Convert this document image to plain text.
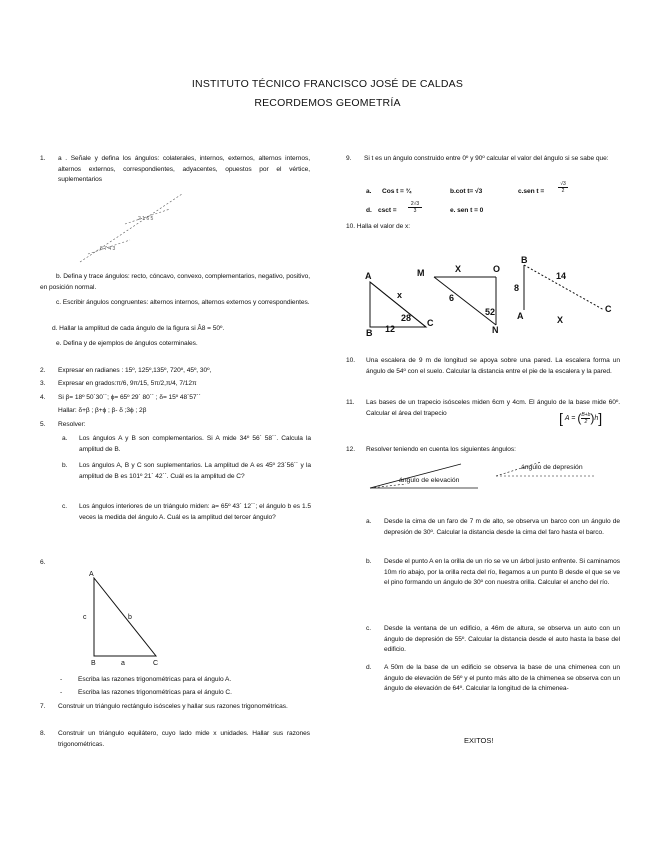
INSTITUTO TÉCNICO FRANCISCO JOSÉ DE CALDAS
RECORDEMOS GEOMETRÍA
1. a . Señale y defina los ángulos: colaterales, internos, externos, alternos internos, alternos externos, correspondientes, adyacentes, opuestos por el vértice, suplementarios
8 7 4 3
2 1 6 5
b. Defina y trace ángulos: recto, cóncavo, convexo, complementarios, negativo, positivo, en posición normal.
c. Escribir ángulos congruentes: alternos internos, alternos externos y correspondientes.
d. Hallar la amplitud de cada ángulo de la figura si Â8 = 50º.
e. Defina y de ejemplos de ángulos coterminales.
2. Expresar en radianes : 15º, 125º,135º, 720º, 45º, 30º,
3. Expresar en grados:π/6, 9π/15, 5π/2,π/4, 7/12π
4. Si β= 18º 50´30´´; ϕ= 65º 29´ 80´´ ; δ= 15º 48´57´´
Hallar: δ+β ; β+ϕ ; β- δ ;3ϕ ; 2β
5. Resolver:
a. Los ángulos A y B son complementarios. Si A mide 34º 56´ 58´´. Calcula la amplitud de B.
b. Los ángulos A, B y C son suplementarios. La amplitud de A es 45º 23´56´´ y la amplitud de B es 101º 21´ 42´´. Cuál es la amplitud de C?
c. Los ángulos interiores de un triángulo miden: a= 65º 43´ 12´´; el ángulo b es 1.5 veces la medida del ángulo A. Cuál es la amplitud del tercer ángulo?
6.
A
c	b
B	a	C
- Escriba las razones trigonométricas para el ángulo A.
- Escriba las razones trigonométricas para el ángulo C.
7. Construir un triángulo rectángulo isósceles y hallar sus razones trigonométricas.
8. Construir un triángulo equilátero, cuyo lado mide x unidades. Hallar sus razones trigonométricas.
9. Si t es un ángulo construido entre 0º y 90º calcular el valor del ángulo si se sabe que:
a. Cos t = ¾	b.cot t= √3	c.sen t =	$\frac{√3}{2}$
d. $\csc t = \frac{2√3}{3}$	e. sen t = 0
10. Halla el valor de x:
A
x
28 C
B 12
M	X	O
6
52
N
B
8
14
A	X
C
10. Una escalera de 9 m de longitud se apoya sobre una pared. La escalera forma un ángulo de 54º con el suelo. Calcular la distancia entre el pie de la escalera y la pared.
11. Las bases de un trapecio isósceles miden 6cm y 4cm. El ángulo de la base mide 60º. Calcular el área del trapecio	[ A = ( $\frac{B+b}{2}$ ) h ]
12. Resolver teniendo en cuenta los siguientes ángulos:
ángulo de elevación
ángulo de depresión
a. Desde la cima de un faro de 7 m de alto, se observa un barco con un ángulo de depresión de 30º. Calcular la distancia desde la cima del faro hasta el barco.
b. Desde el punto A en la orilla de un río se ve un árbol justo enfrente. Si caminamos 10m río abajo, por la orilla recta del río, llegamos a un punto B desde el que se ve el pino formando un ángulo de 30º con nuestra orilla. Calcular el ancho del río.
c. Desde la ventana de un edificio, a 46m de altura, se observa un auto con un ángulo de depresión de 55º. Calcular la distancia desde el auto hasta la base del edificio.
d. A 50m de la base de un edificio se observa la base de una chimenea con un ángulo de elevación de 56º y el punto más alto de la chimenea se observa con un ángulo de elevación de 64º. Calcular la longitud de la chimenea-
EXITOS!
